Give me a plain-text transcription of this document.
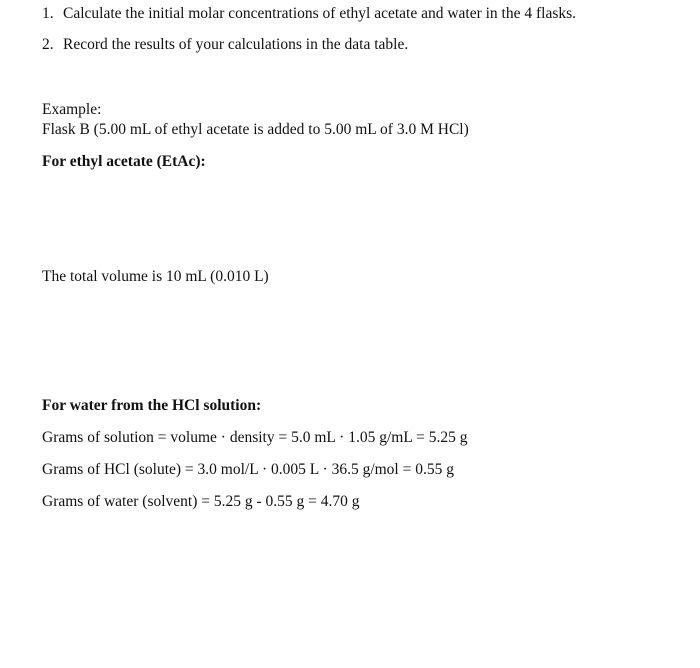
1. Calculate the initial molar concentrations of ethyl acetate and water in the 4 flasks.
2. Record the results of your calculations in the data table.
Example:
Flask B (5.00 mL of ethyl acetate is added to 5.00 mL of 3.0 M HCl)
For ethyl acetate (EtAc):
The total volume is 10 mL (0.010 L)
For water from the HCl solution:
Grams of solution = volume · density = 5.0 mL · 1.05 g/mL = 5.25 g
Grams of HCl (solute) = 3.0 mol/L · 0.005 L · 36.5 g/mol = 0.55 g
Grams of water (solvent) = 5.25 g - 0.55 g = 4.70 g
